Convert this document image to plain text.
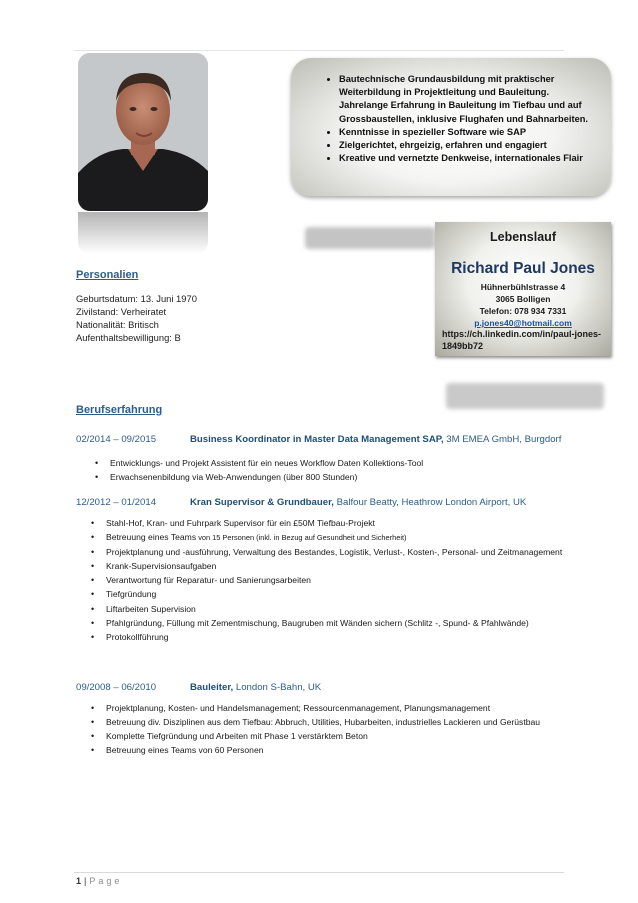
• Bautechnische Grundausbildung mit praktischer Weiterbildung in Projektleitung und Bauleitung. Jahrelange Erfahrung in Bauleitung im Tiefbau und auf Grossbaustellen, inklusive Flughafen und Bahnarbeiten.
• Kenntnisse in spezieller Software wie SAP
• Zielgerichtet, ehrgeizig, erfahren und engagiert
• Kreative und vernetzte Denkweise, internationales Flair
Lebenslauf
Richard Paul Jones
Hühnerbühlstrasse 4
3065 Bolligen
Telefon: 078 934 7331
p.jones40@hotmail.com
https://ch.linkedin.com/in/paul-jones-1849bb72
Personalien
Geburtsdatum: 13. Juni 1970
Zivilstand: Verheiratet
Nationalität: Britisch
Aufenthaltsbewilligung: B
Berufserfahrung
02/2014 – 09/2015	Business Koordinator in Master Data Management SAP, 3M EMEA GmbH, Burgdorf
• Entwicklungs- und Projekt Assistent für ein neues Workflow Daten Kollektions-Tool
• Erwachsenenbildung via Web-Anwendungen (über 800 Stunden)
12/2012 – 01/2014	Kran Supervisor & Grundbauer, Balfour Beatty, Heathrow London Airport, UK
• Stahl-Hof, Kran- und Fuhrpark Supervisor für ein £50M Tiefbau-Projekt
• Betreuung eines Teams von 15 Personen (inkl. in Bezug auf Gesundheit und Sicherheit)
• Projektplanung und -ausführung, Verwaltung des Bestandes, Logistik, Verlust-, Kosten-, Personal- und Zeitmanagement
• Krank-Supervisionsaufgaben
• Verantwortung für Reparatur- und Sanierungsarbeiten
• Tiefgründung
• Liftarbeiten Supervision
• Pfahlgründung, Füllung mit Zementmischung, Baugruben mit Wänden sichern (Schlitz -, Spund- & Pfahlwände)
• Protokollführung
09/2008 – 06/2010	Bauleiter, London S-Bahn, UK
• Projektplanung, Kosten- und Handelsmanagement; Ressourcenmanagement, Planungsmanagement
• Betreuung div. Disziplinen aus dem Tiefbau: Abbruch, Utilities, Hubarbeiten, industrielles Lackieren und Gerüstbau
• Komplette Tiefgründung und Arbeiten mit Phase 1 verstärktem Beton
• Betreuung eines Teams von 60 Personen
1 | Page
